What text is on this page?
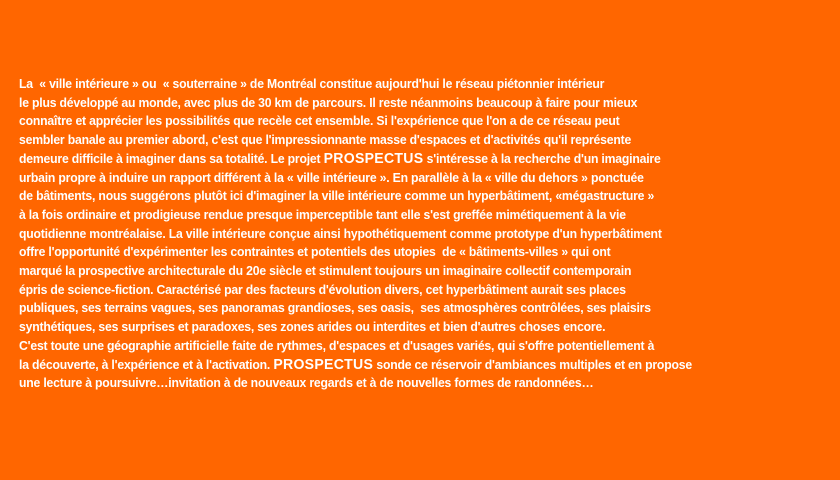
La  « ville intérieure » ou  « souterraine » de Montréal constitue aujourd'hui le réseau piétonnier intérieur
le plus développé au monde, avec plus de 30 km de parcours. Il reste néanmoins beaucoup à faire pour mieux
connaître et apprécier les possibilités que recèle cet ensemble. Si l'expérience que l'on a de ce réseau peut
sembler banale au premier abord, c'est que l'impressionnante masse d'espaces et d'activités qu'il représente
demeure difficile à imaginer dans sa totalité. Le projet PROSPECTUS s'intéresse à la recherche d'un imaginaire
urbain propre à induire un rapport différent à la « ville intérieure ». En parallèle à la « ville du dehors » ponctuée
de bâtiments, nous suggérons plutôt ici d'imaginer la ville intérieure comme un hyperbâtiment, «mégastructure »
à la fois ordinaire et prodigieuse rendue presque imperceptible tant elle s'est greffée mimétiquement à la vie
quotidienne montréalaise. La ville intérieure conçue ainsi hypothétiquement comme prototype d'un hyperbâtiment
offre l'opportunité d'expérimenter les contraintes et potentiels des utopies  de « bâtiments-villes » qui ont
marqué la prospective architecturale du 20e siècle et stimulent toujours un imaginaire collectif contemporain
épris de science-fiction. Caractérisé par des facteurs d'évolution divers, cet hyperbâtiment aurait ses places
publiques, ses terrains vagues, ses panoramas grandioses, ses oasis,  ses atmosphères contrôlées, ses plaisirs
synthétiques, ses surprises et paradoxes, ses zones arides ou interdites et bien d'autres choses encore.
C'est toute une géographie artificielle faite de rythmes, d'espaces et d'usages variés, qui s'offre potentiellement à
la découverte, à l'expérience et à l'activation. PROSPECTUS sonde ce réservoir d'ambiances multiples et en propose
une lecture à poursuivre…invitation à de nouveaux regards et à de nouvelles formes de randonnées…
